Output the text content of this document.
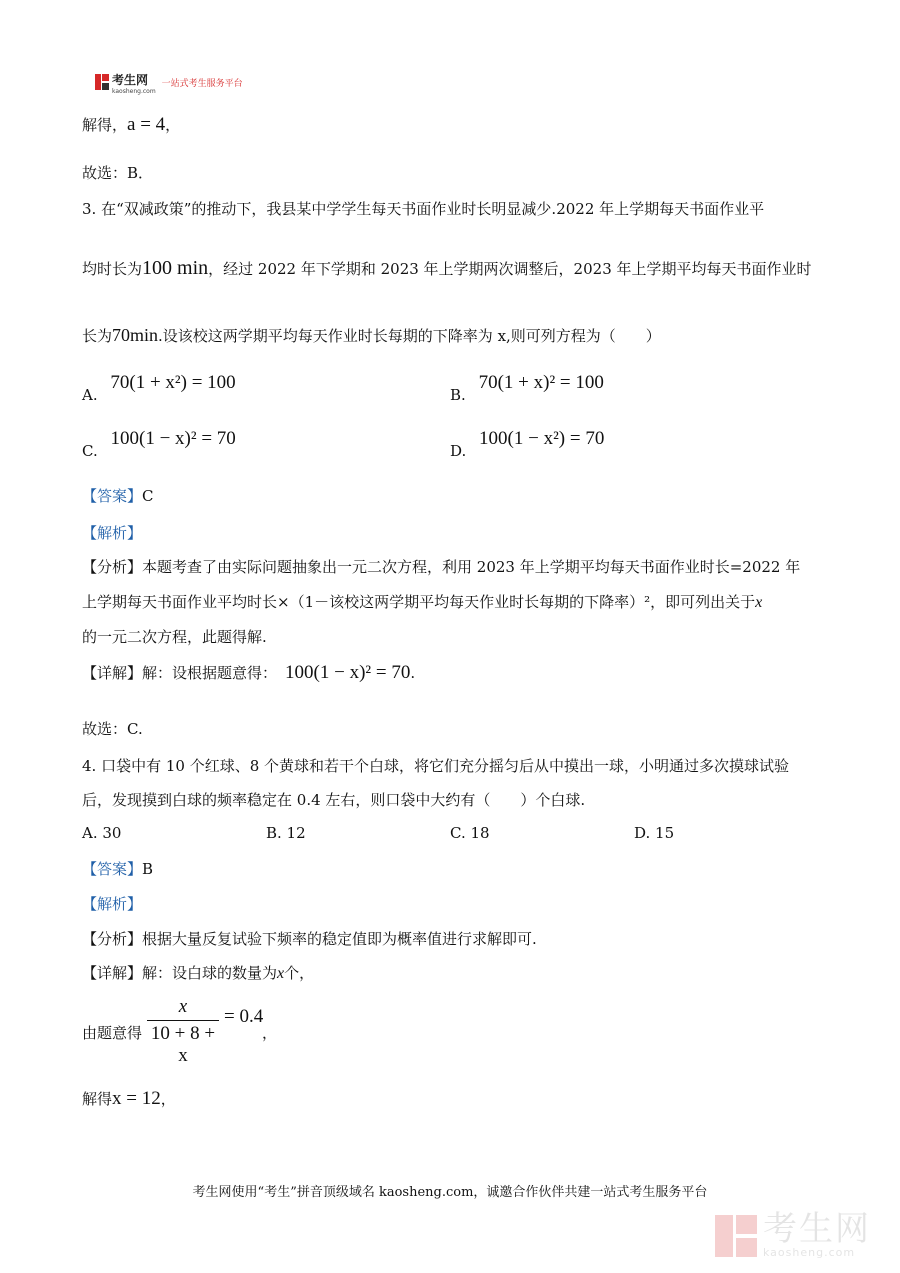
考生网
kaosheng.com
一站式考生服务平台
解得，a = 4，
故选：B．
3. 在“双减政策”的推动下，我县某中学学生每天书面作业时长明显减少.2022 年上学期每天书面作业平
均时长为100 min，经过 2022 年下学期和 2023 年上学期两次调整后，2023 年上学期平均每天书面作业时
长为70min.设该校这两学期平均每天作业时长每期的下降率为 x,则可列方程为（　　）
A. 70(1 + x²) = 100
B. 70(1 + x)² = 100
C. 100(1 − x)² = 70
D. 100(1 − x²) = 70
【答案】C
【解析】
【分析】本题考查了由实际问题抽象出一元二次方程，利用 2023 年上学期平均每天书面作业时长=2022 年
上学期每天书面作业平均时长×（1－该校这两学期平均每天作业时长每期的下降率）²，即可列出关于x
的一元二次方程，此题得解.
【详解】解：设根据题意得： 100(1 − x)² = 70.
故选：C.
4. 口袋中有 10 个红球、8 个黄球和若干个白球，将它们充分摇匀后从中摸出一球，小明通过多次摸球试验
后，发现摸到白球的频率稳定在 0.4 左右，则口袋中大约有（　　）个白球.
A. 30	B. 12	C. 18	D. 15
【答案】B
【解析】
【分析】根据大量反复试验下频率的稳定值即为概率值进行求解即可.
【详解】解：设白球的数量为x个，
由题意得
x
10 + 8 + x
= 0.4
，
解得x = 12，
考生网使用“考生”拼音顶级域名 kaosheng.com，诚邀合作伙伴共建一站式考生服务平台
考生网
kaosheng.com
